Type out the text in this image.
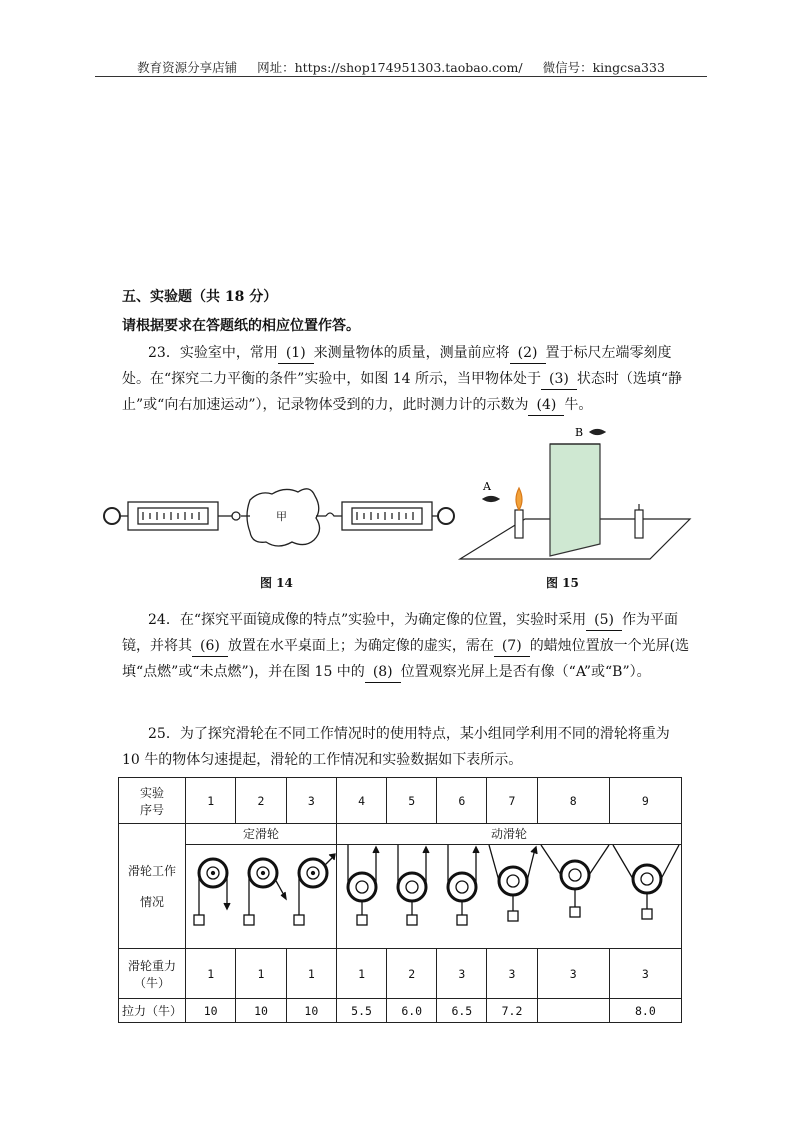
教育资源分享店铺 网址：https://shop174951303.taobao.com/ 微信号：kingcsa333
五、实验题（共 18 分）
请根据要求在答题纸的相应位置作答。
23．实验室中，常用 (1) 来测量物体的质量，测量前应将 (2) 置于标尺左端零刻度处。在“探究二力平衡的条件”实验中，如图 14 所示，当甲物体处于 (3) 状态时（选填“静止”或“向右加速运动”），记录物体受到的力，此时测力计的示数为 (4) 牛。
甲
图 14
A
B
图 15
24．在“探究平面镜成像的特点”实验中，为确定像的位置，实验时采用 (5) 作为平面镜，并将其 (6) 放置在水平桌面上；为确定像的虚实，需在 (7) 的蜡烛位置放一个光屏(选填“点燃”或“未点燃”)，并在图 15 中的 (8) 位置观察光屏上是否有像（“A”或“B”）。
25．为了探究滑轮在不同工作情况时的使用特点，某小组同学利用不同的滑轮将重为 10 牛的物体匀速提起，滑轮的工作情况和实验数据如下表所示。
实验
序号	1	2	3	4	5	6	7	8	9
滑轮工作

情况	定滑轮			动滑轮					

滑轮重力
（牛）	1	1	1	1	2	3	3	3	3
拉力（牛）	10	10	10	5.5	6.0	6.5	7.2		8.0
